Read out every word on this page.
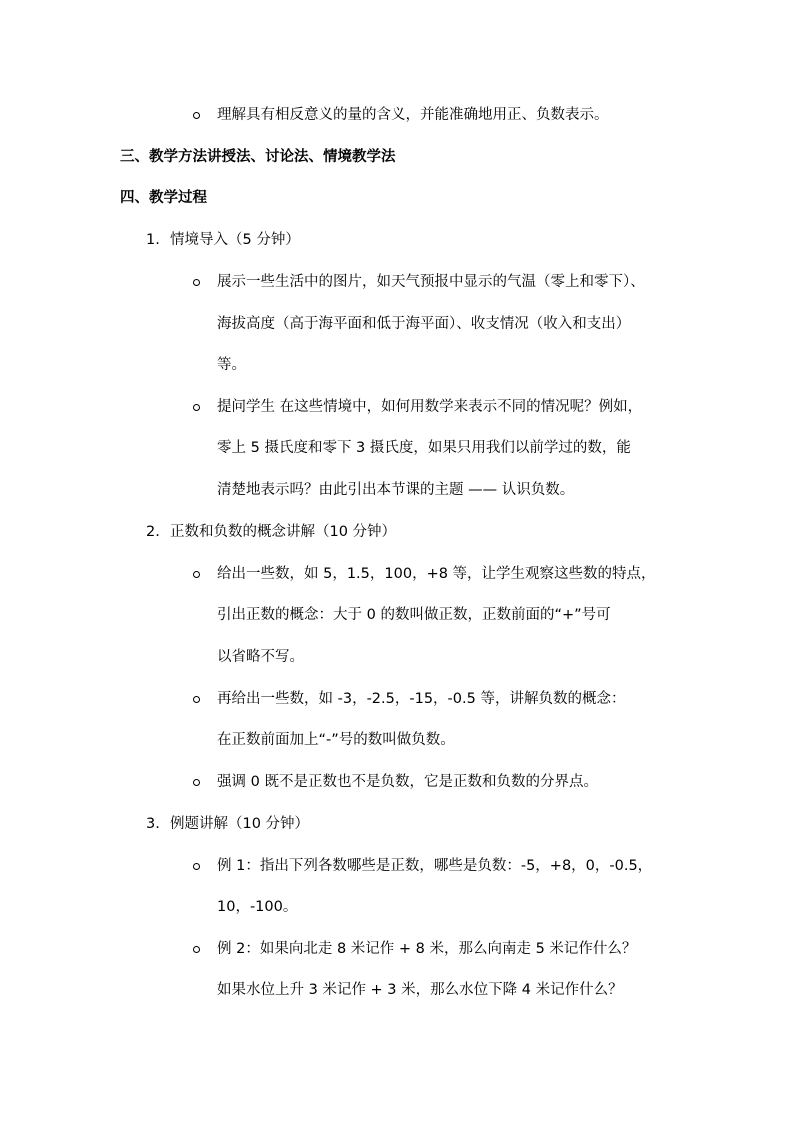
理解具有相反意义的量的含义，并能准确地用正、负数表示。
三、教学方法讲授法、讨论法、情境教学法
四、教学过程
1. 情境导入（5 分钟）
展示一些生活中的图片，如天气预报中显示的气温（零上和零下）、
海拔高度（高于海平面和低于海平面）、收支情况（收入和支出）
等。
提问学生 在这些情境中，如何用数学来表示不同的情况呢？例如，
零上 5 摄氏度和零下 3 摄氏度，如果只用我们以前学过的数，能
清楚地表示吗？由此引出本节课的主题 —— 认识负数。
2. 正数和负数的概念讲解（10 分钟）
给出一些数，如 5，1.5，100，+8 等，让学生观察这些数的特点，
引出正数的概念：大于 0 的数叫做正数，正数前面的“+”号可
以省略不写。
再给出一些数，如 -3，-2.5，-15，-0.5 等，讲解负数的概念：
在正数前面加上“-”号的数叫做负数。
强调 0 既不是正数也不是负数，它是正数和负数的分界点。
3. 例题讲解（10 分钟）
例 1：指出下列各数哪些是正数，哪些是负数：-5，+8，0，-0.5，
10，-100。
例 2：如果向北走 8 米记作 + 8 米，那么向南走 5 米记作什么？
如果水位上升 3 米记作 + 3 米，那么水位下降 4 米记作什么？
